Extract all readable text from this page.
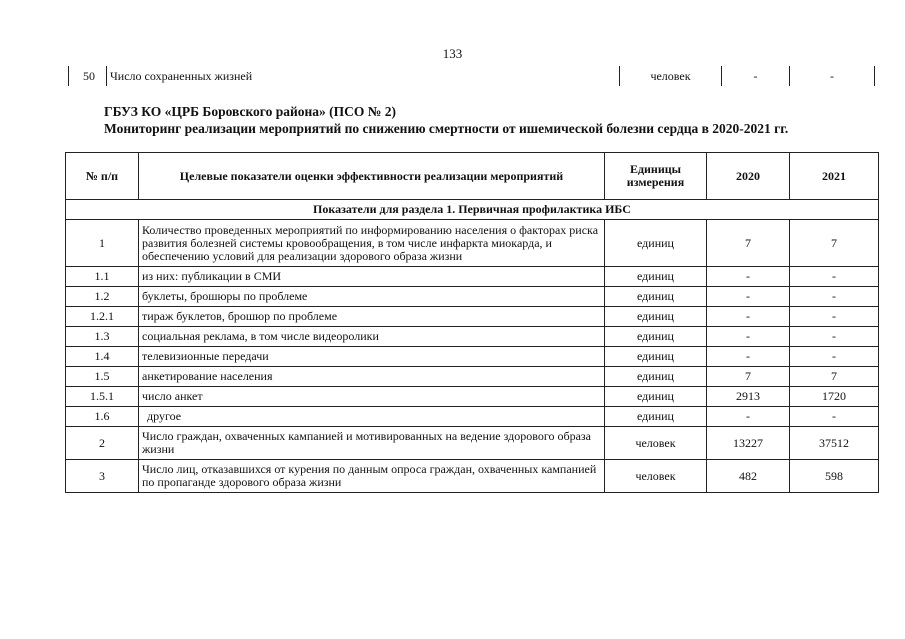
133
50	Число сохраненных жизней	человек	-	-
ГБУЗ КО «ЦРБ Боровского района» (ПСО № 2)
Мониторинг реализации мероприятий по снижению смертности от ишемической болезни сердца в 2020-2021 гг.
№ п/п	Целевые показатели оценки эффективности реализации мероприятий	Единицы измерения	2020	2021
Показатели для раздела 1. Первичная профилактика ИБС				
1	Количество проведенных мероприятий по информированию населения о факторах риска развития болезней системы кровообращения, в том числе инфаркта миокарда, и обеспечению условий для реализации здорового образа жизни	единиц	7	7
1.1	из них: публикации в СМИ	единиц	-	-
1.2	буклеты, брошюры по проблеме	единиц	-	-
1.2.1	тираж буклетов, брошюр по проблеме	единиц	-	-
1.3	социальная реклама, в том числе видеоролики	единиц	-	-
1.4	телевизионные передачи	единиц	-	-
1.5	анкетирование населения	единиц	7	7
1.5.1	число анкет	единиц	2913	1720
1.6	другое	единиц	-	-
2	Число граждан, охваченных кампанией и мотивированных на ведение здорового образа жизни	человек	13227	37512
3	Число лиц, отказавшихся от курения по данным опроса граждан, охваченных кампанией по пропаганде здорового образа жизни	человек	482	598
